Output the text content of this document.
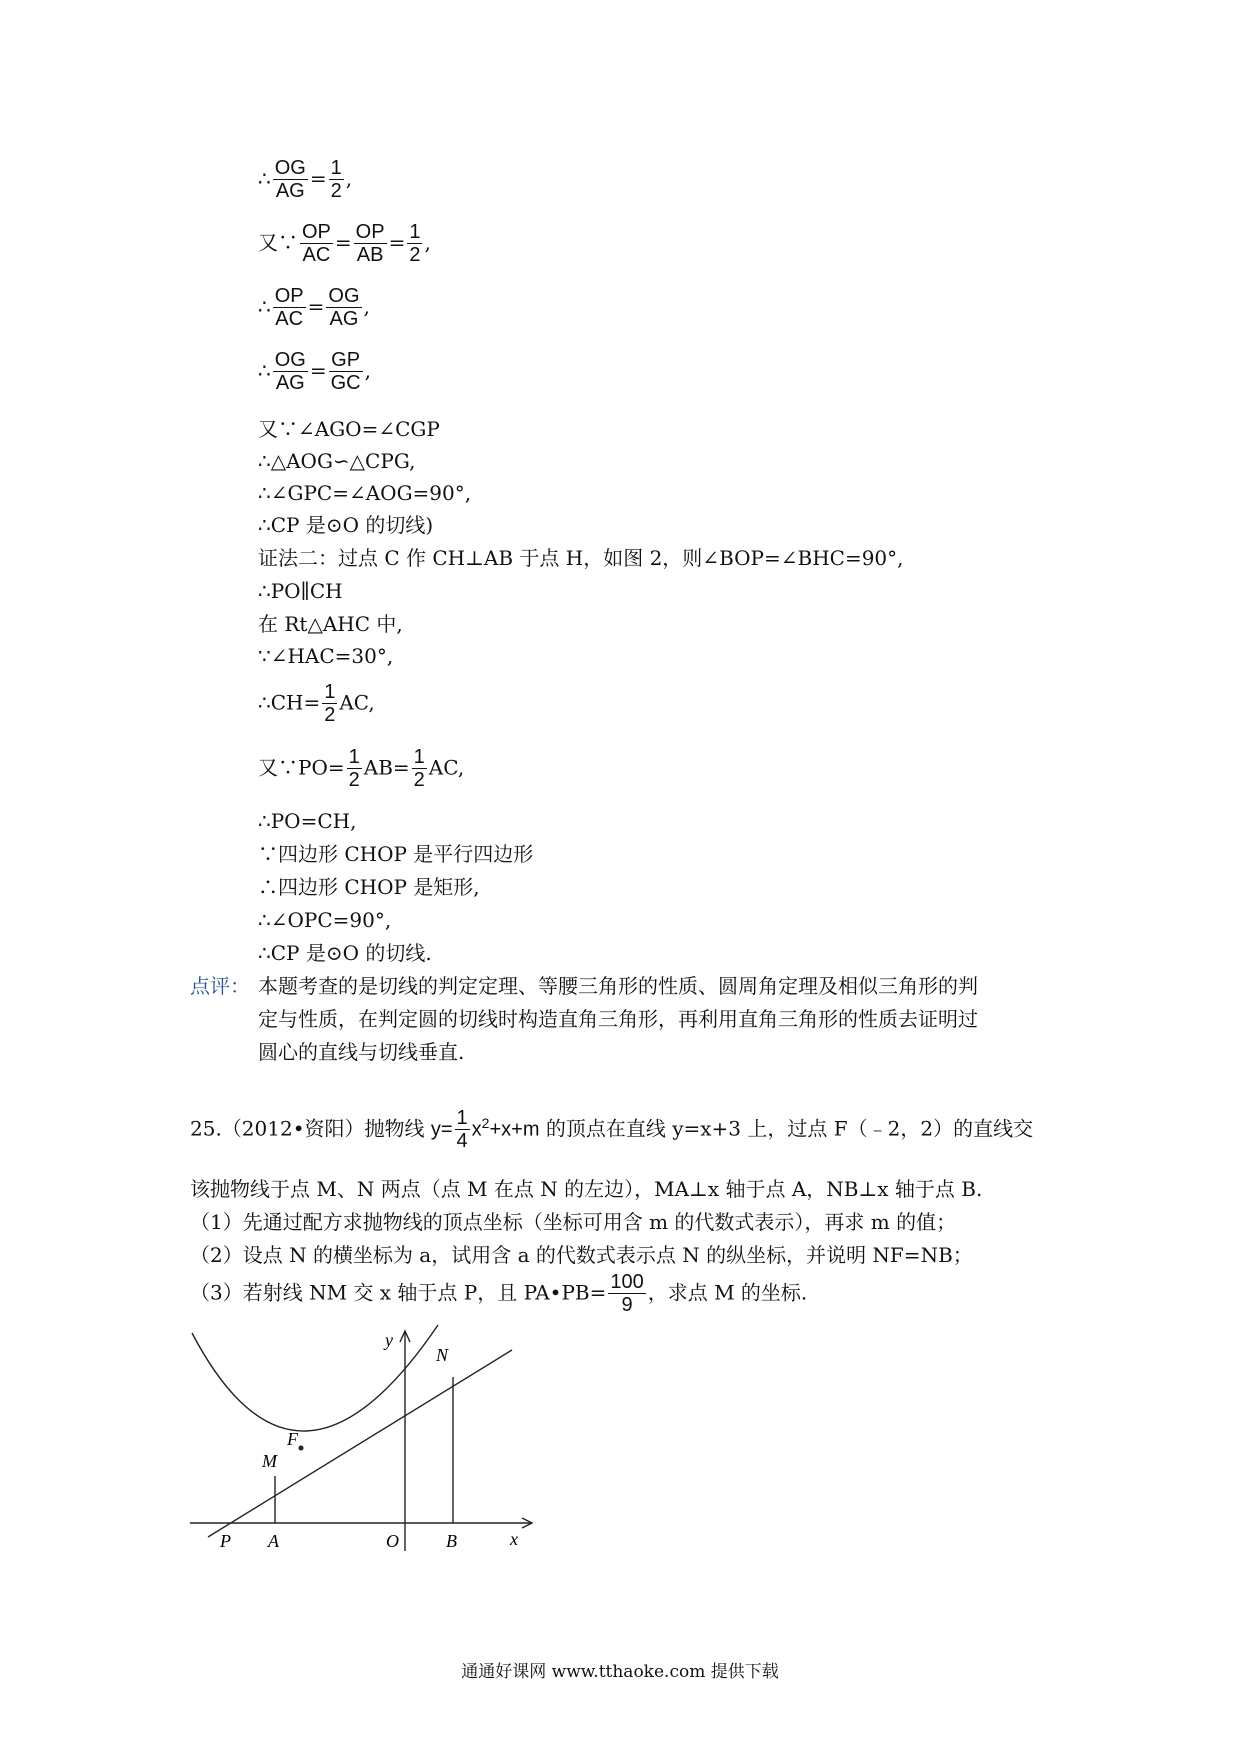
∴ $\frac{OG}{AG} = \frac{1}{2}$ ,
又∵ $\frac{OP}{AC} = \frac{OP}{AB} = \frac{1}{2}$ ,
∴ $\frac{OP}{AC} = \frac{OG}{AG}$ ,
∴ $\frac{OG}{AG} = \frac{GP}{GC}$ ,
又∵∠AGO=∠CGP
∴△AOG∽△CPG,
∴∠GPC=∠AOG=90°,
∴CP 是⊙O 的切线)
证法二：过点 C 作 CH⊥AB 于点 H，如图 2，则∠BOP=∠BHC=90°,
∴PO∥CH
在 Rt△AHC 中,
∵∠HAC=30°,
∴CH= $\frac{1}{2}$ AC,
又∵PO= $\frac{1}{2} AB= \frac{1}{2}$ AC,
∴PO=CH,
∵四边形 CHOP 是平行四边形
∴四边形 CHOP 是矩形,
∴∠OPC=90°,
∴CP 是⊙O 的切线.
点评： 本题考查的是切线的判定定理、等腰三角形的性质、圆周角定理及相似三角形的判
定与性质，在判定圆的切线时构造直角三角形，再利用直角三角形的性质去证明过
圆心的直线与切线垂直.
25.（2012•资阳）抛物线 $y= \frac{1}{4} x^2+x+m$ 的顶点在直线 y=x+3 上，过点 F（﹣2，2）的直线交
该抛物线于点 M、N 两点（点 M 在点 N 的左边），MA⊥x 轴于点 A，NB⊥x 轴于点 B.
（1）先通过配方求抛物线的顶点坐标（坐标可用含 m 的代数式表示），再求 m 的值；
（2）设点 N 的横坐标为 a，试用含 a 的代数式表示点 N 的纵坐标，并说明 NF=NB；
（3）若射线 NM 交 x 轴于点 P，且 PA•PB= $\frac{100}{9}$ ，求点 M 的坐标.
y
N
F
M
P A	O	B	x
通通好课网 www.tthaoke.com 提供下载
